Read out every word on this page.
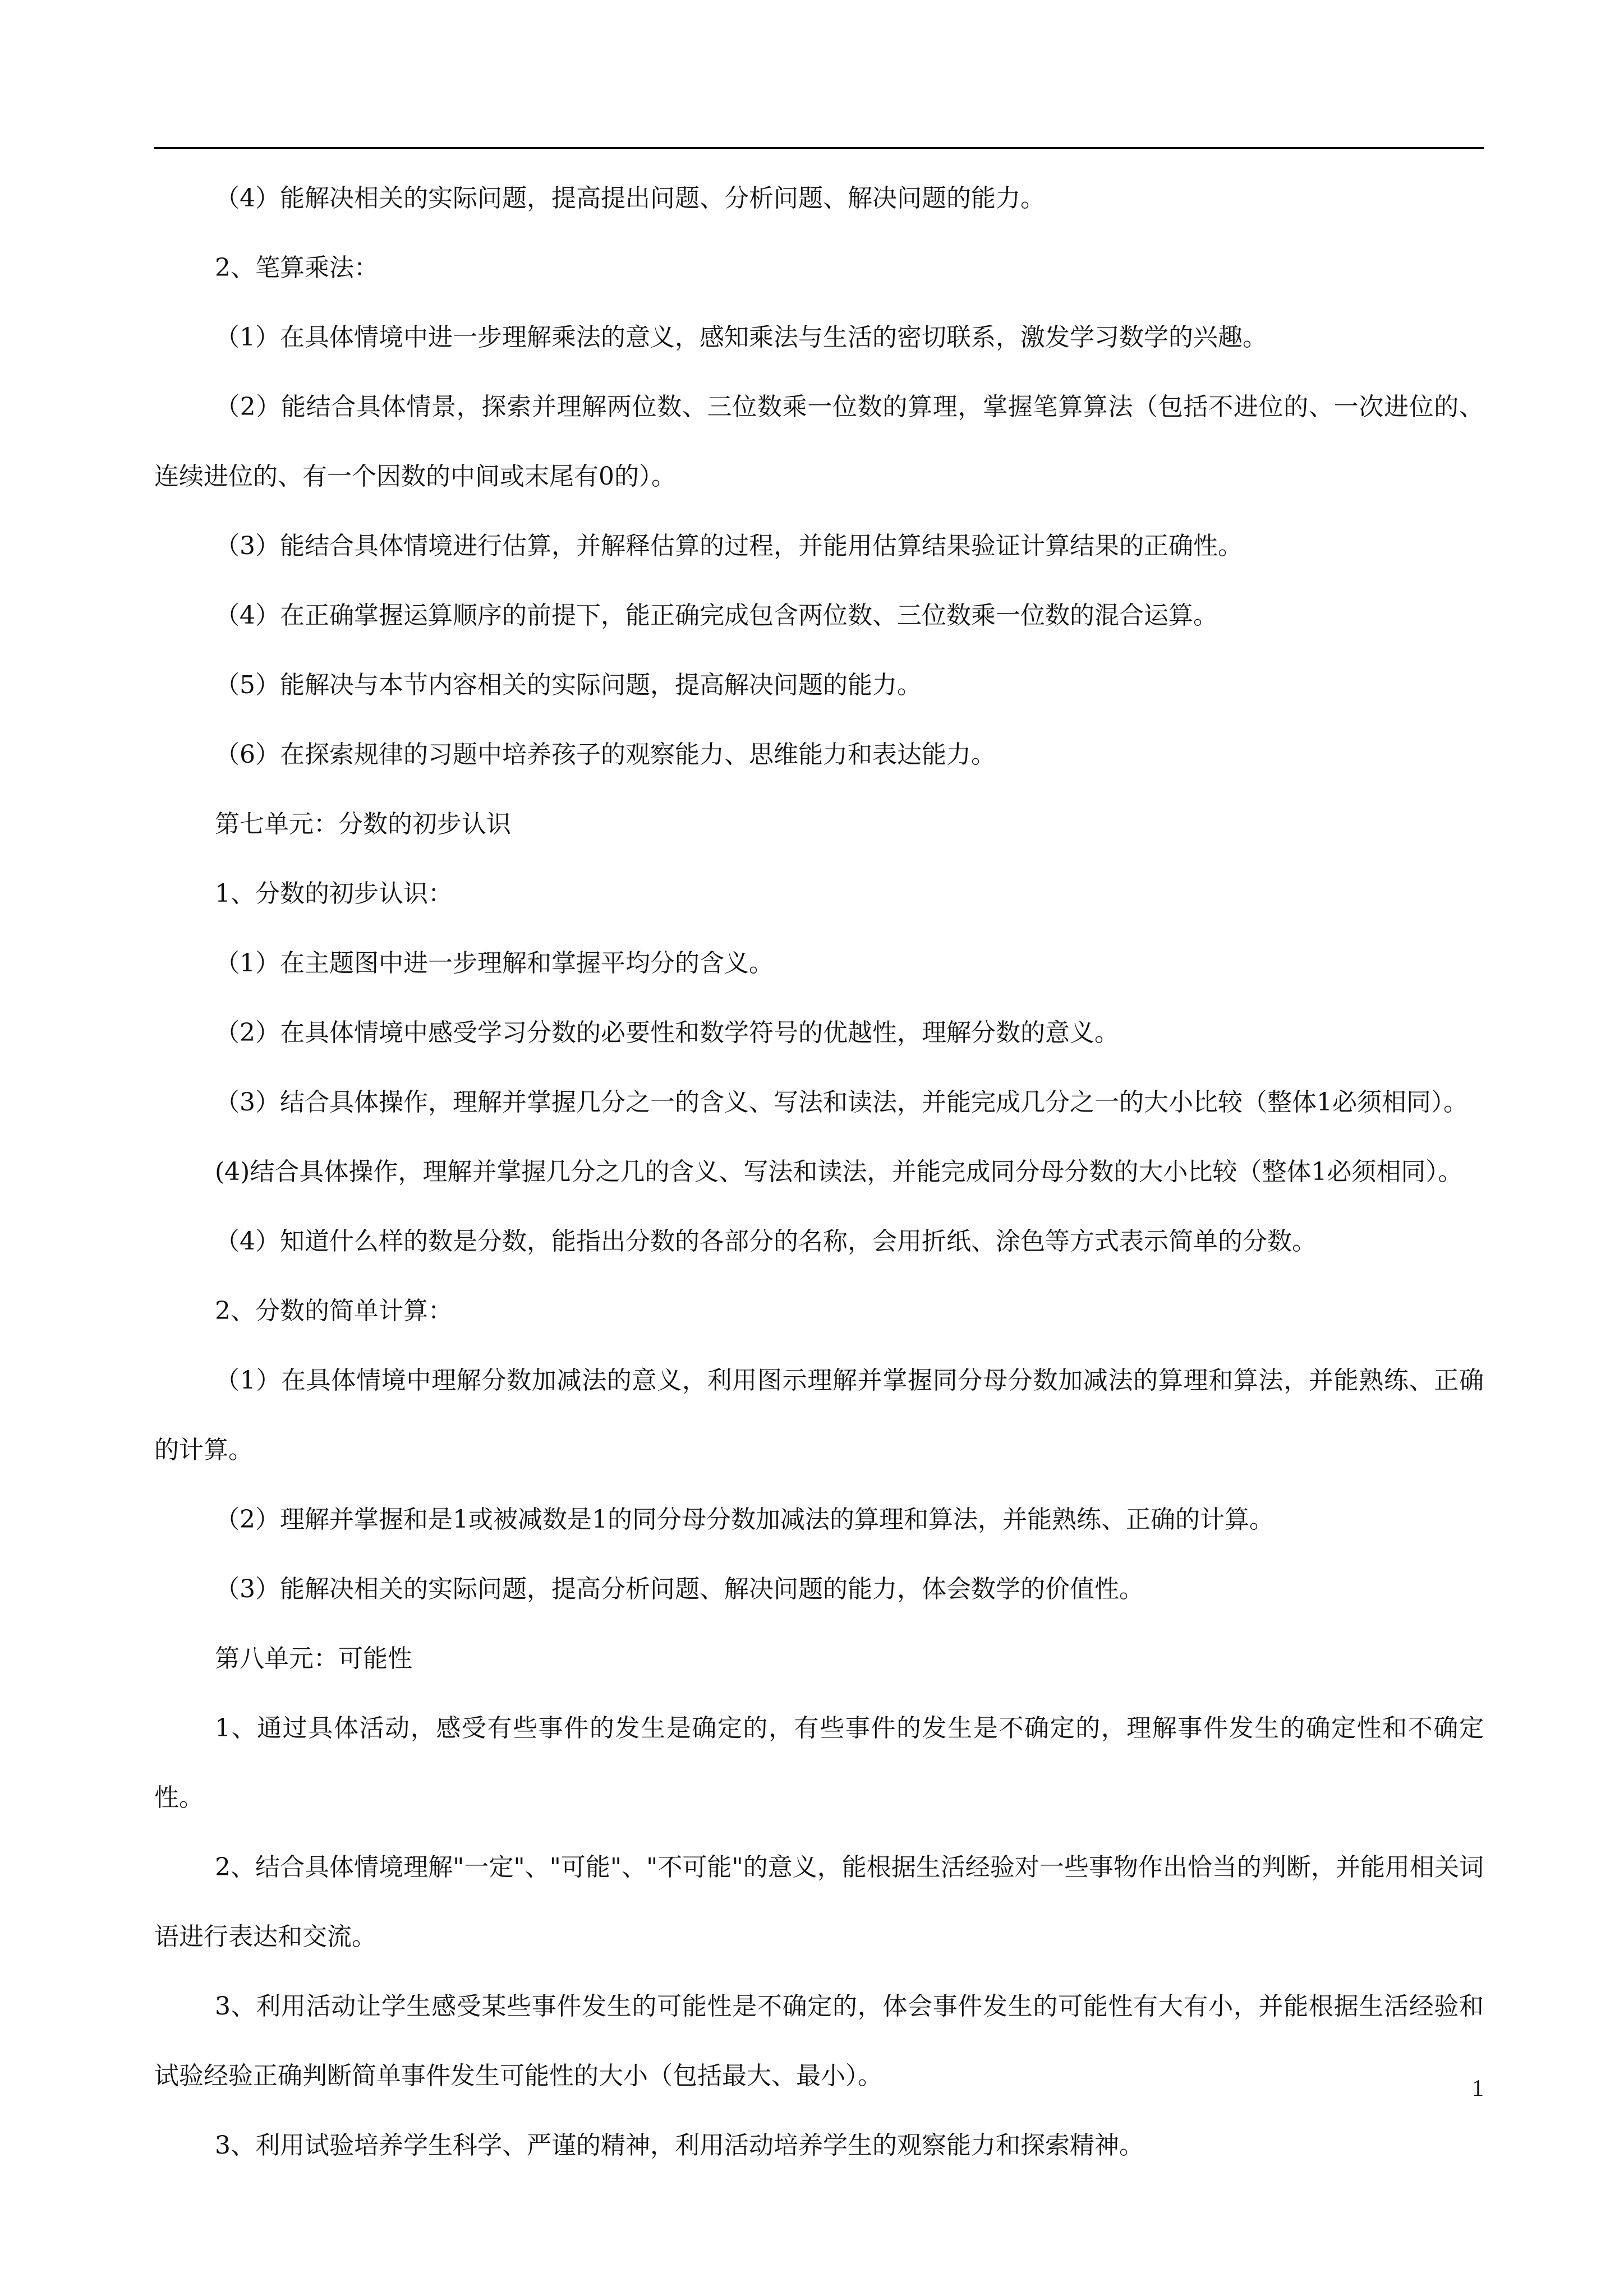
（4）能解决相关的实际问题，提高提出问题、分析问题、解决问题的能力。

2、笔算乘法：

（1）在具体情境中进一步理解乘法的意义，感知乘法与生活的密切联系，激发学习数学的兴趣。

（2）能结合具体情景，探索并理解两位数、三位数乘一位数的算理，掌握笔算算法（包括不进位的、一次进位的、连续进位的、有一个因数的中间或末尾有0的）。

（3）能结合具体情境进行估算，并解释估算的过程，并能用估算结果验证计算结果的正确性。

（4）在正确掌握运算顺序的前提下，能正确完成包含两位数、三位数乘一位数的混合运算。

（5）能解决与本节内容相关的实际问题，提高解决问题的能力。

（6）在探索规律的习题中培养孩子的观察能力、思维能力和表达能力。

第七单元：分数的初步认识

1、分数的初步认识：

（1）在主题图中进一步理解和掌握平均分的含义。

（2）在具体情境中感受学习分数的必要性和数学符号的优越性，理解分数的意义。

（3）结合具体操作，理解并掌握几分之一的含义、写法和读法，并能完成几分之一的大小比较（整体1必须相同）。

(4)结合具体操作，理解并掌握几分之几的含义、写法和读法，并能完成同分母分数的大小比较（整体1必须相同）。

（4）知道什么样的数是分数，能指出分数的各部分的名称，会用折纸、涂色等方式表示简单的分数。

2、分数的简单计算：

（1）在具体情境中理解分数加减法的意义，利用图示理解并掌握同分母分数加减法的算理和算法，并能熟练、正确的计算。

（2）理解并掌握和是1或被减数是1的同分母分数加减法的算理和算法，并能熟练、正确的计算。

（3）能解决相关的实际问题，提高分析问题、解决问题的能力，体会数学的价值性。

第八单元：可能性

1、通过具体活动，感受有些事件的发生是确定的，有些事件的发生是不确定的，理解事件发生的确定性和不确定性。

2、结合具体情境理解"一定"、"可能"、"不可能"的意义，能根据生活经验对一些事物作出恰当的判断，并能用相关词语进行表达和交流。

3、利用活动让学生感受某些事件发生的可能性是不确定的，体会事件发生的可能性有大有小，并能根据生活经验和试验经验正确判断简单事件发生可能性的大小（包括最大、最小）。

3、利用试验培养学生科学、严谨的精神，利用活动培养学生的观察能力和探索精神。

1
